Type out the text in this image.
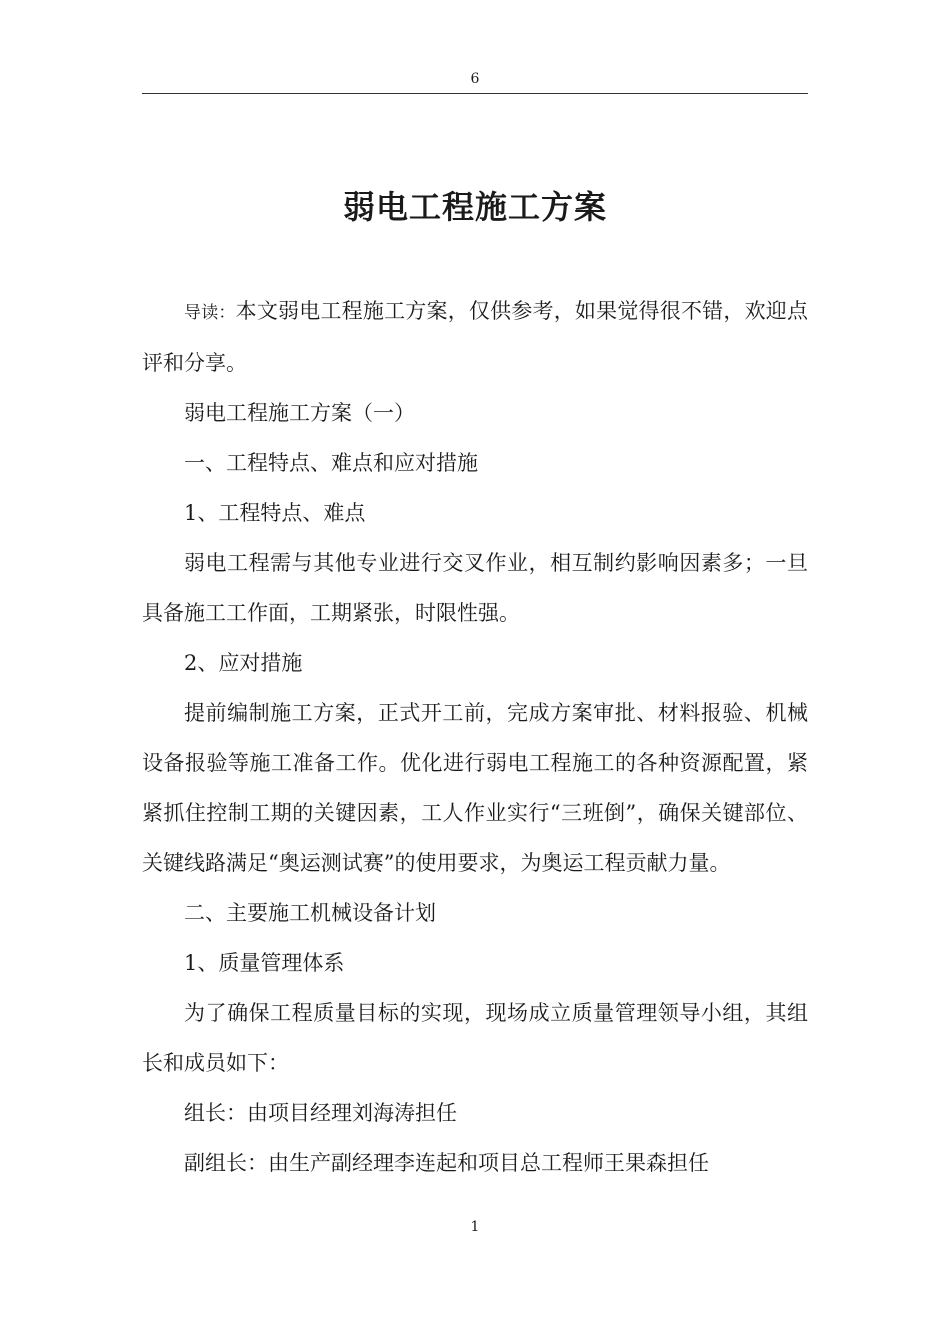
6
弱电工程施工方案

导读：本文弱电工程施工方案，仅供参考，如果觉得很不错，欢迎点评和分享。

弱电工程施工方案（一）

一、工程特点、难点和应对措施

1、工程特点、难点

弱电工程需与其他专业进行交叉作业，相互制约影响因素多；一旦具备施工工作面，工期紧张，时限性强。

2、应对措施

提前编制施工方案，正式开工前，完成方案审批、材料报验、机械设备报验等施工准备工作。优化进行弱电工程施工的各种资源配置，紧紧抓住控制工期的关键因素，工人作业实行“三班倒”，确保关键部位、关键线路满足“奥运测试赛”的使用要求，为奥运工程贡献力量。

二、主要施工机械设备计划

1、质量管理体系

为了确保工程质量目标的实现，现场成立质量管理领导小组，其组长和成员如下：

组长：由项目经理刘海涛担任

副组长：由生产副经理李连起和项目总工程师王果森担任

1
